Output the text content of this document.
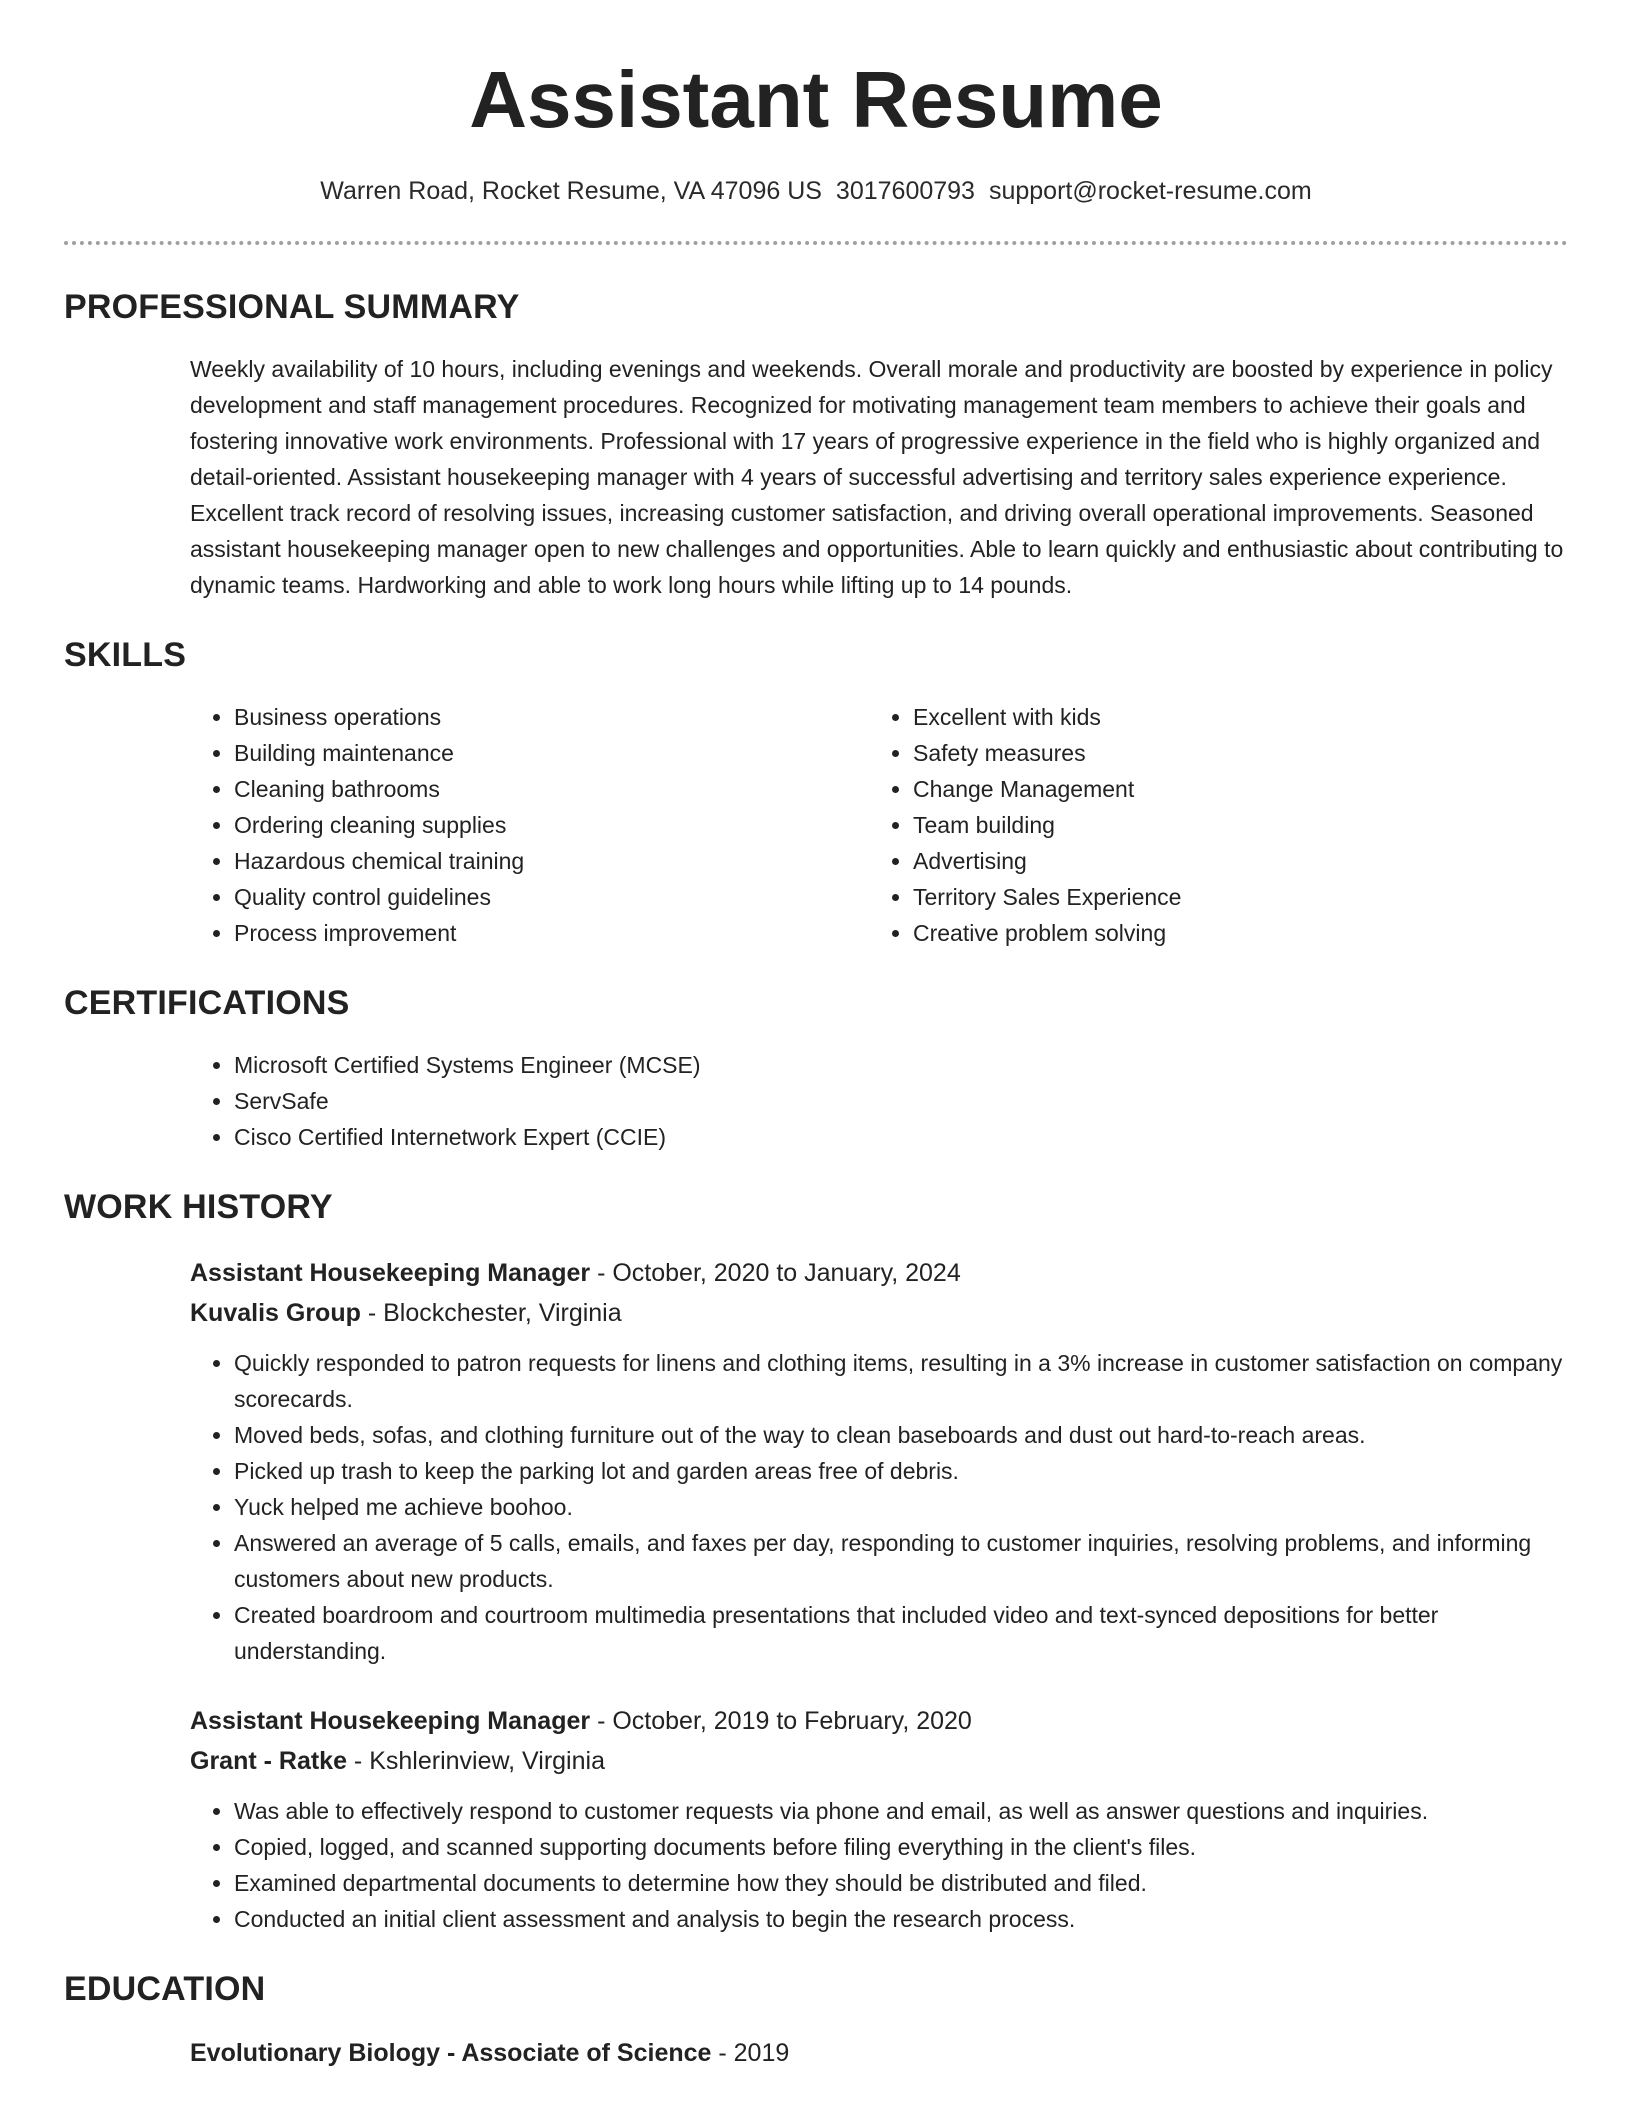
Assistant Resume
Warren Road, Rocket Resume, VA 47096 US 3017600793 support@rocket-resume.com
PROFESSIONAL SUMMARY

Weekly availability of 10 hours, including evenings and weekends. Overall morale and productivity are boosted by experience in policy development and staff management procedures. Recognized for motivating management team members to achieve their goals and fostering innovative work environments. Professional with 17 years of progressive experience in the field who is highly organized and detail-oriented. Assistant housekeeping manager with 4 years of successful advertising and territory sales experience experience. Excellent track record of resolving issues, increasing customer satisfaction, and driving overall operational improvements. Seasoned assistant housekeeping manager open to new challenges and opportunities. Able to learn quickly and enthusiastic about contributing to dynamic teams. Hardworking and able to work long hours while lifting up to 14 pounds.

SKILLS
• Business operations
• Building maintenance
• Cleaning bathrooms
• Ordering cleaning supplies
• Hazardous chemical training
• Quality control guidelines
• Process improvement
• Excellent with kids
• Safety measures
• Change Management
• Team building
• Advertising
• Territory Sales Experience
• Creative problem solving
CERTIFICATIONS
• Microsoft Certified Systems Engineer (MCSE)
• ServSafe
• Cisco Certified Internetwork Expert (CCIE)
WORK HISTORY
Assistant Housekeeping Manager - October, 2020 to January, 2024
Kuvalis Group - Blockchester, Virginia
• Quickly responded to patron requests for linens and clothing items, resulting in a 3% increase in customer satisfaction on company scorecards.
• Moved beds, sofas, and clothing furniture out of the way to clean baseboards and dust out hard-to-reach areas.
• Picked up trash to keep the parking lot and garden areas free of debris.
• Yuck helped me achieve boohoo.
• Answered an average of 5 calls, emails, and faxes per day, responding to customer inquiries, resolving problems, and informing customers about new products.
• Created boardroom and courtroom multimedia presentations that included video and text-synced depositions for better understanding.
Assistant Housekeeping Manager - October, 2019 to February, 2020
Grant - Ratke - Kshlerinview, Virginia
• Was able to effectively respond to customer requests via phone and email, as well as answer questions and inquiries.
• Copied, logged, and scanned supporting documents before filing everything in the client's files.
• Examined departmental documents to determine how they should be distributed and filed.
• Conducted an initial client assessment and analysis to begin the research process.
EDUCATION
Evolutionary Biology - Associate of Science - 2019
